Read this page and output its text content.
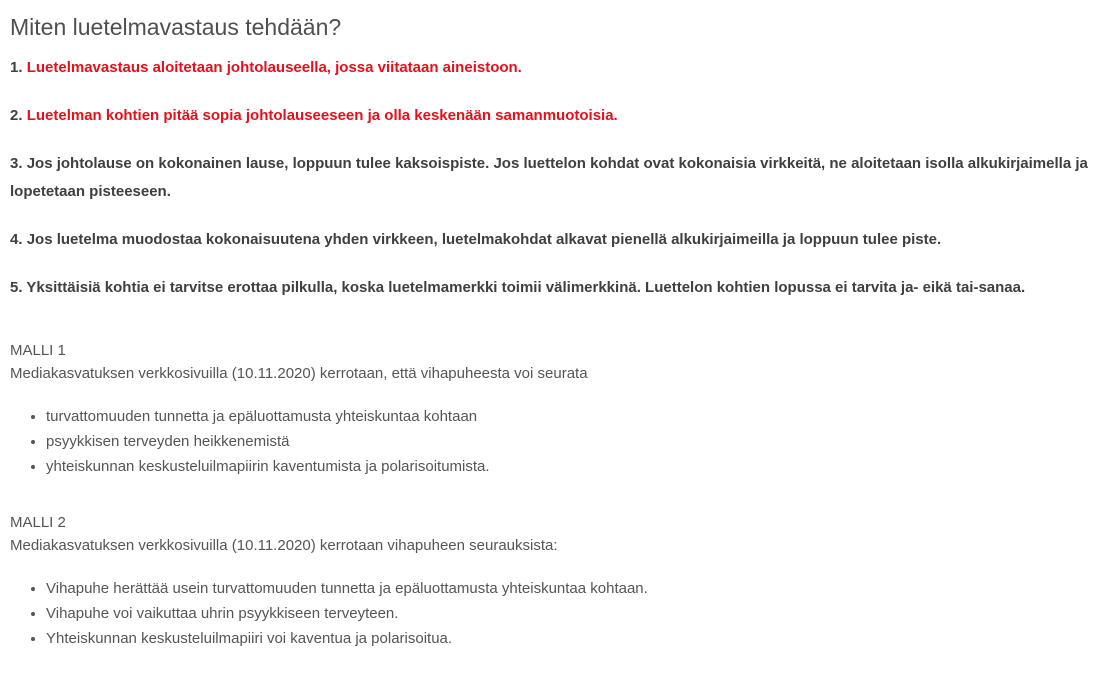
Miten luetelmavastaus tehdään?

1. Luetelmavastaus aloitetaan johtolauseella, jossa viitataan aineistoon.

2. Luetelman kohtien pitää sopia johtolauseeseen ja olla keskenään samanmuotoisia.

3. Jos johtolause on kokonainen lause, loppuun tulee kaksoispiste. Jos luettelon kohdat ovat kokonaisia virkkeitä, ne aloitetaan isolla alkukirjaimella ja lopetetaan pisteeseen.

4. Jos luetelma muodostaa kokonaisuutena yhden virkkeen, luetelmakohdat alkavat pienellä alkukirjaimeilla ja loppuun tulee piste.

5. Yksittäisiä kohtia ei tarvitse erottaa pilkulla, koska luetelmamerkki toimii välimerkkinä. Luettelon kohtien lopussa ei tarvita ja- eikä tai-sanaa.

MALLI 1

Mediakasvatuksen verkkosivuilla (10.11.2020) kerrotaan, että vihapuheesta voi seurata

• turvattomuuden tunnetta ja epäluottamusta yhteiskuntaa kohtaan
• psyykkisen terveyden heikkenemistä
• yhteiskunnan keskusteluilmapiirin kaventumista ja polarisoitumista.

MALLI 2

Mediakasvatuksen verkkosivuilla (10.11.2020) kerrotaan vihapuheen seurauksista:

• Vihapuhe herättää usein turvattomuuden tunnetta ja epäluottamusta yhteiskuntaa kohtaan.
• Vihapuhe voi vaikuttaa uhrin psyykkiseen terveyteen.
• Yhteiskunnan keskusteluilmapiiri voi kaventua ja polarisoitua.
